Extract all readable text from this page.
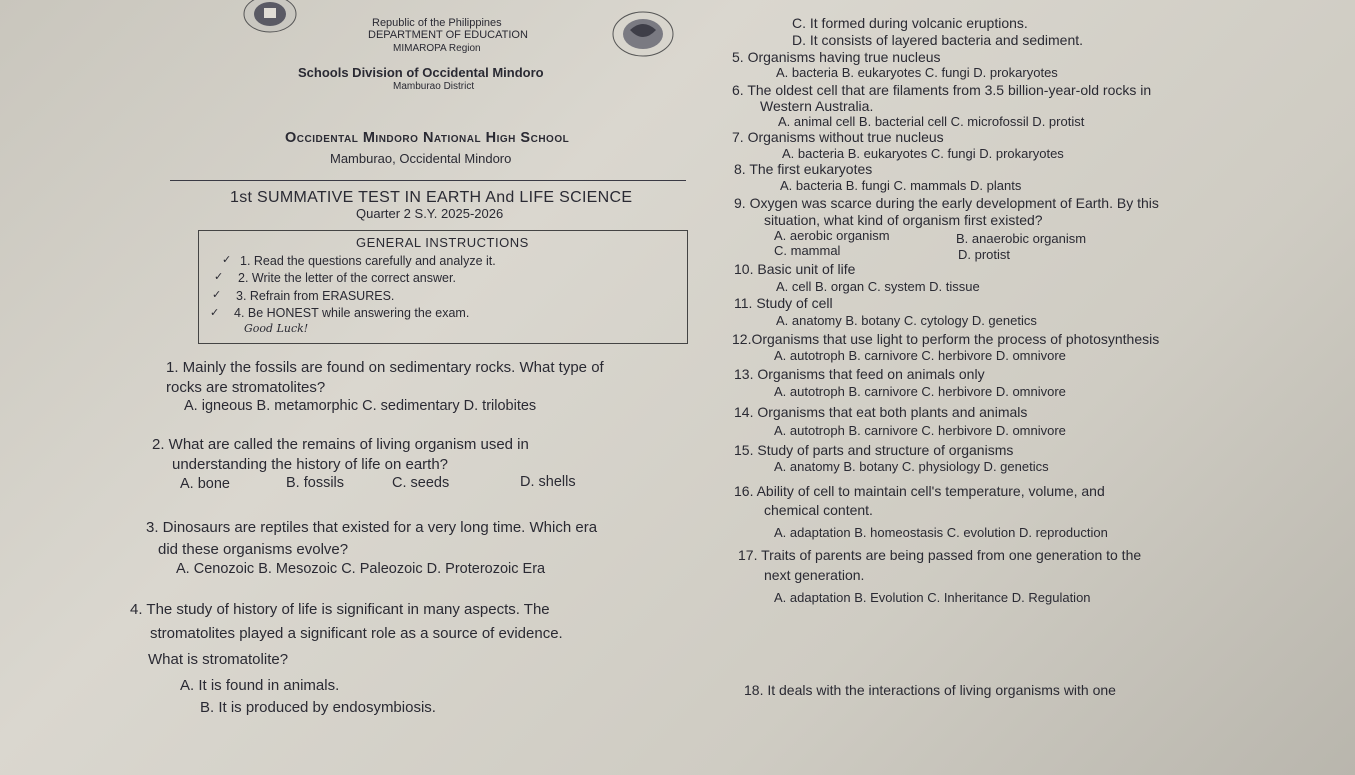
Republic of the Philippines
DEPARTMENT OF EDUCATION
MIMAROPA Region
Schools Division of Occidental Mindoro
Mamburao District
Occidental Mindoro National High School
Mamburao, Occidental Mindoro
1st SUMMATIVE TEST IN EARTH And LIFE SCIENCE
Quarter 2 S.Y. 2025-2026
GENERAL INSTRUCTIONS
✓ 1. Read the questions carefully and analyze it.
✓ 2. Write the letter of the correct answer.
✓ 3. Refrain from ERASURES.
✓ 4. Be HONEST while answering the exam.
Good Luck!
1. Mainly the fossils are found on sedimentary rocks. What type of
rocks are stromatolites?
A. igneous B. metamorphic C. sedimentary D. trilobites
2. What are called the remains of living organism used in
understanding the history of life on earth?
A. bone	B. fossils	C. seeds	D. shells
3. Dinosaurs are reptiles that existed for a very long time. Which era
did these organisms evolve?
A. Cenozoic B. Mesozoic C. Paleozoic D. Proterozoic Era
4. The study of history of life is significant in many aspects. The
stromatolites played a significant role as a source of evidence.
What is stromatolite?
A. It is found in animals.
B. It is produced by endosymbiosis.
C. It formed during volcanic eruptions.
D. It consists of layered bacteria and sediment.
5. Organisms having true nucleus
A. bacteria B. eukaryotes C. fungi D. prokaryotes
6. The oldest cell that are filaments from 3.5 billion-year-old rocks in
Western Australia.
A. animal cell B. bacterial cell C. microfossil D. protist
7. Organisms without true nucleus
A. bacteria B. eukaryotes C. fungi D. prokaryotes
8. The first eukaryotes
A. bacteria B. fungi C. mammals D. plants
9. Oxygen was scarce during the early development of Earth. By this
situation, what kind of organism first existed?
A. aerobic organism	B. anaerobic organism
C. mammal	D. protist
10. Basic unit of life
A. cell B. organ C. system D. tissue
11. Study of cell
A. anatomy B. botany C. cytology D. genetics
12.Organisms that use light to perform the process of photosynthesis
A. autotroph B. carnivore C. herbivore D. omnivore
13. Organisms that feed on animals only
A. autotroph B. carnivore C. herbivore D. omnivore
14. Organisms that eat both plants and animals
A. autotroph B. carnivore C. herbivore D. omnivore
15. Study of parts and structure of organisms
A. anatomy B. botany C. physiology D. genetics
16. Ability of cell to maintain cell's temperature, volume, and
chemical content.
A. adaptation B. homeostasis C. evolution D. reproduction
17. Traits of parents are being passed from one generation to the
next generation.
A. adaptation B. Evolution C. Inheritance D. Regulation
18. It deals with the interactions of living organisms with one
